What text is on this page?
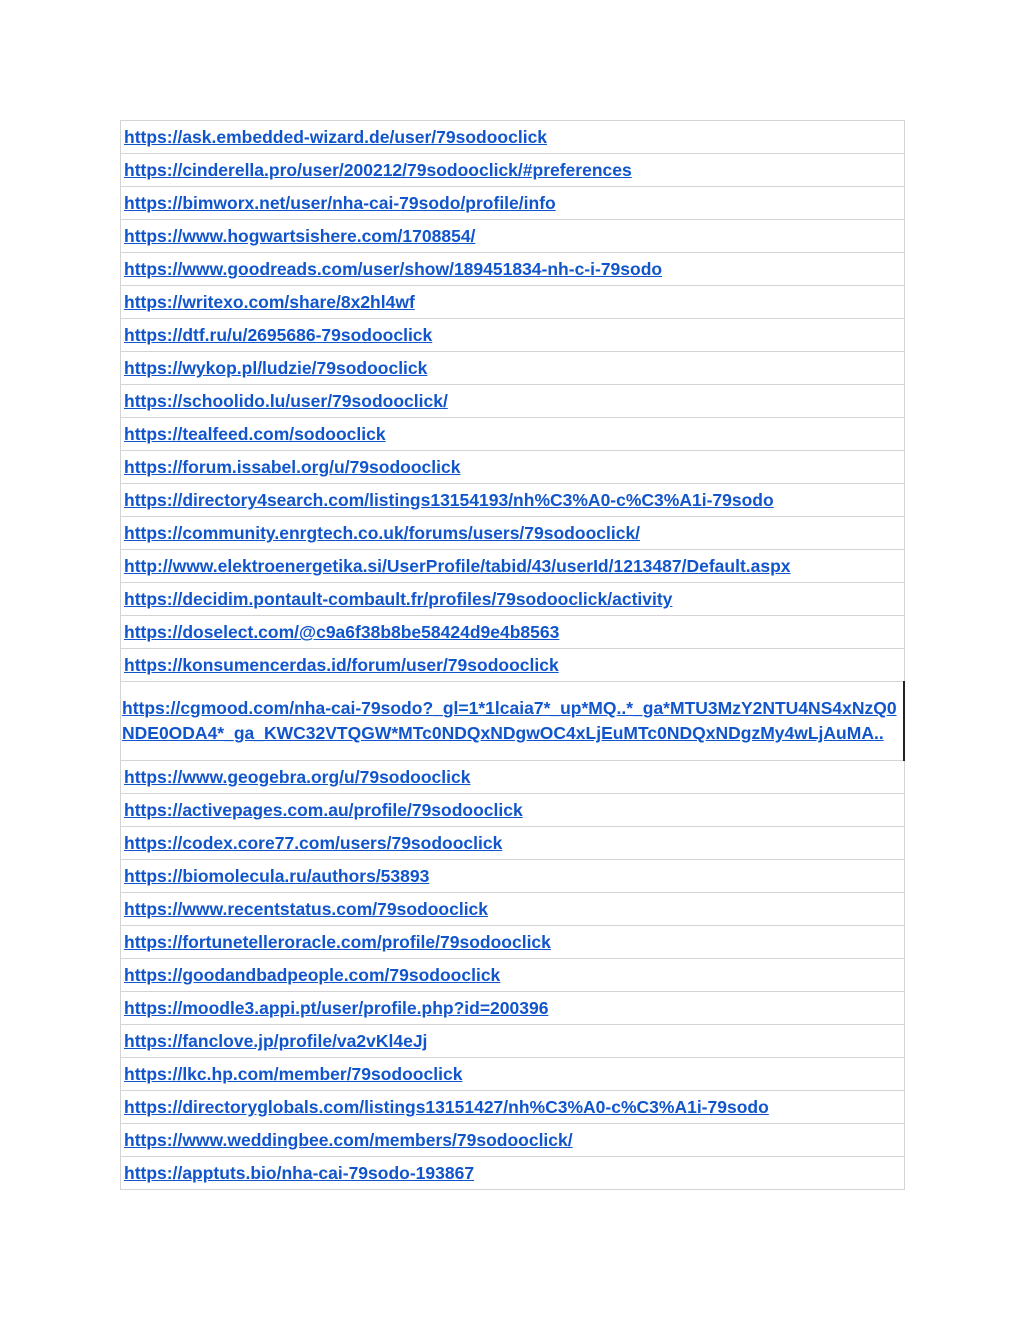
https://ask.embedded-wizard.de/user/79sodooclick
https://cinderella.pro/user/200212/79sodooclick/#preferences
https://bimworx.net/user/nha-cai-79sodo/profile/info
https://www.hogwartsishere.com/1708854/
https://www.goodreads.com/user/show/189451834-nh-c-i-79sodo
https://writexo.com/share/8x2hl4wf
https://dtf.ru/u/2695686-79sodooclick
https://wykop.pl/ludzie/79sodooclick
https://schoolido.lu/user/79sodooclick/
https://tealfeed.com/sodooclick
https://forum.issabel.org/u/79sodooclick
https://directory4search.com/listings13154193/nh%C3%A0-c%C3%A1i-79sodo
https://community.enrgtech.co.uk/forums/users/79sodooclick/
http://www.elektroenergetika.si/UserProfile/tabid/43/userId/1213487/Default.aspx
https://decidim.pontault-combault.fr/profiles/79sodooclick/activity
https://doselect.com/@c9a6f38b8be58424d9e4b8563
https://konsumencerdas.id/forum/user/79sodooclick
https://cgmood.com/nha-cai-79sodo?_gl=1*1lcaia7*_up*MQ..*_ga*MTU3MzY2NTU4NS4xNzQ0NDE0ODA4*_ga_KWC32VTQGW*MTc0NDQxNDgwOC4xLjEuMTc0NDQxNDgzMy4wLjAuMA..
https://www.geogebra.org/u/79sodooclick
https://activepages.com.au/profile/79sodooclick
https://codex.core77.com/users/79sodooclick
https://biomolecula.ru/authors/53893
https://www.recentstatus.com/79sodooclick
https://fortunetelleroracle.com/profile/79sodooclick
https://goodandbadpeople.com/79sodooclick
https://moodle3.appi.pt/user/profile.php?id=200396
https://fanclove.jp/profile/va2vKl4eJj
https://lkc.hp.com/member/79sodooclick
https://directoryglobals.com/listings13151427/nh%C3%A0-c%C3%A1i-79sodo
https://www.weddingbee.com/members/79sodooclick/
https://apptuts.bio/nha-cai-79sodo-193867
